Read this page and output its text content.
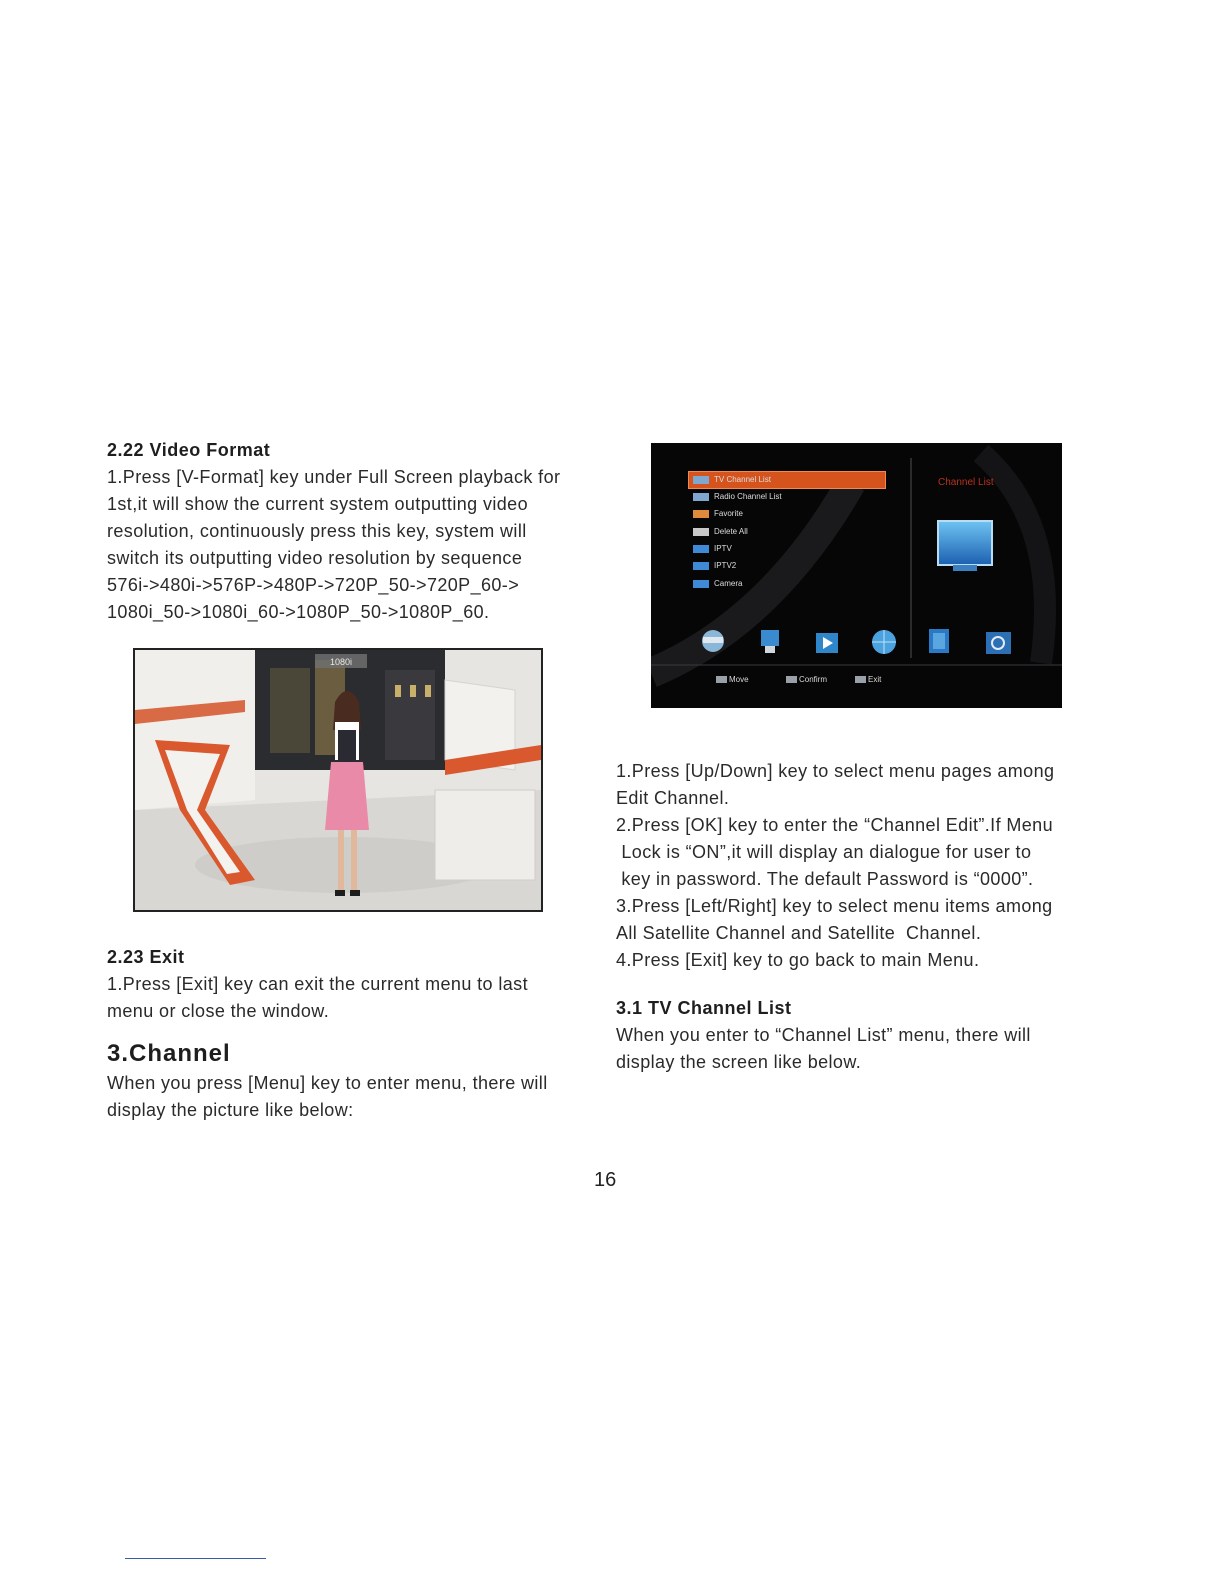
2.22 Video Format
1.Press [V-Format] key under Full Screen playback for
1st,it will show the current system outputting video
resolution, continuously press this key, system will
switch its outputting video resolution by sequence
576i->480i->576P->480P->720P_50->720P_60->
1080i_50->1080i_60->1080P_50->1080P_60.
1080i
2.23 Exit
1.Press [Exit] key can exit the current menu to last
menu or close the window.
3.Channel
When you press [Menu] key to enter menu, there will
display the picture like below:
TV Channel List
Radio Channel List
Favorite
Delete All
IPTV
IPTV2
Camera
Channel List
Move	Confirm	Exit
1.Press [Up/Down] key to select menu pages among
Edit Channel.
2.Press [OK] key to enter the “Channel Edit”.If Menu
Lock is “ON”,it will display an dialogue for user to
key in password. The default Password is “0000”.
3.Press [Left/Right] key to select menu items among
All Satellite Channel and Satellite  Channel.
4.Press [Exit] key to go back to main Menu.
3.1 TV Channel List
When you enter to “Channel List” menu, there will
display the screen like below.
16
